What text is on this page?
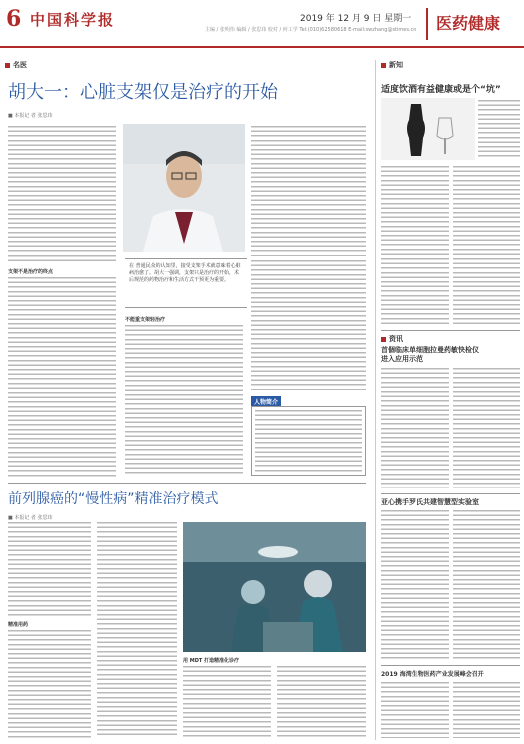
6 中国科学报	2019 年 12 月 9 日 星期一
主编 / 张明伟 编辑 / 张思玮 校对 / 何工学 Tel:(010)62580618 E-mail:swzhang@stimes.cn	医药健康
名医
胡大一：心脏支架仅是治疗的开始
■ 本报记 者 张思玮
支架不是治疗的终点
在 普通民众的认知里，接受支架手术就意味着心脏病治愈了。胡大一强调，支架只是治疗的开始，术后规范的药物治疗和生活方式干预更为重要。
不能重支架轻治疗
人物简介
前列腺癌的“慢性病”精准治疗模式
■ 本报记 者 张思玮
精准用药
用 MDT 打造精准化诊疗
新知
适度饮酒有益健康或是个“坑”
资讯
首個临床单细胞拉曼药敏快检仪进入应用示范
亚心携手罗氏共建智慧型实验室
2019 海湾生物医药产业发展峰会召开
